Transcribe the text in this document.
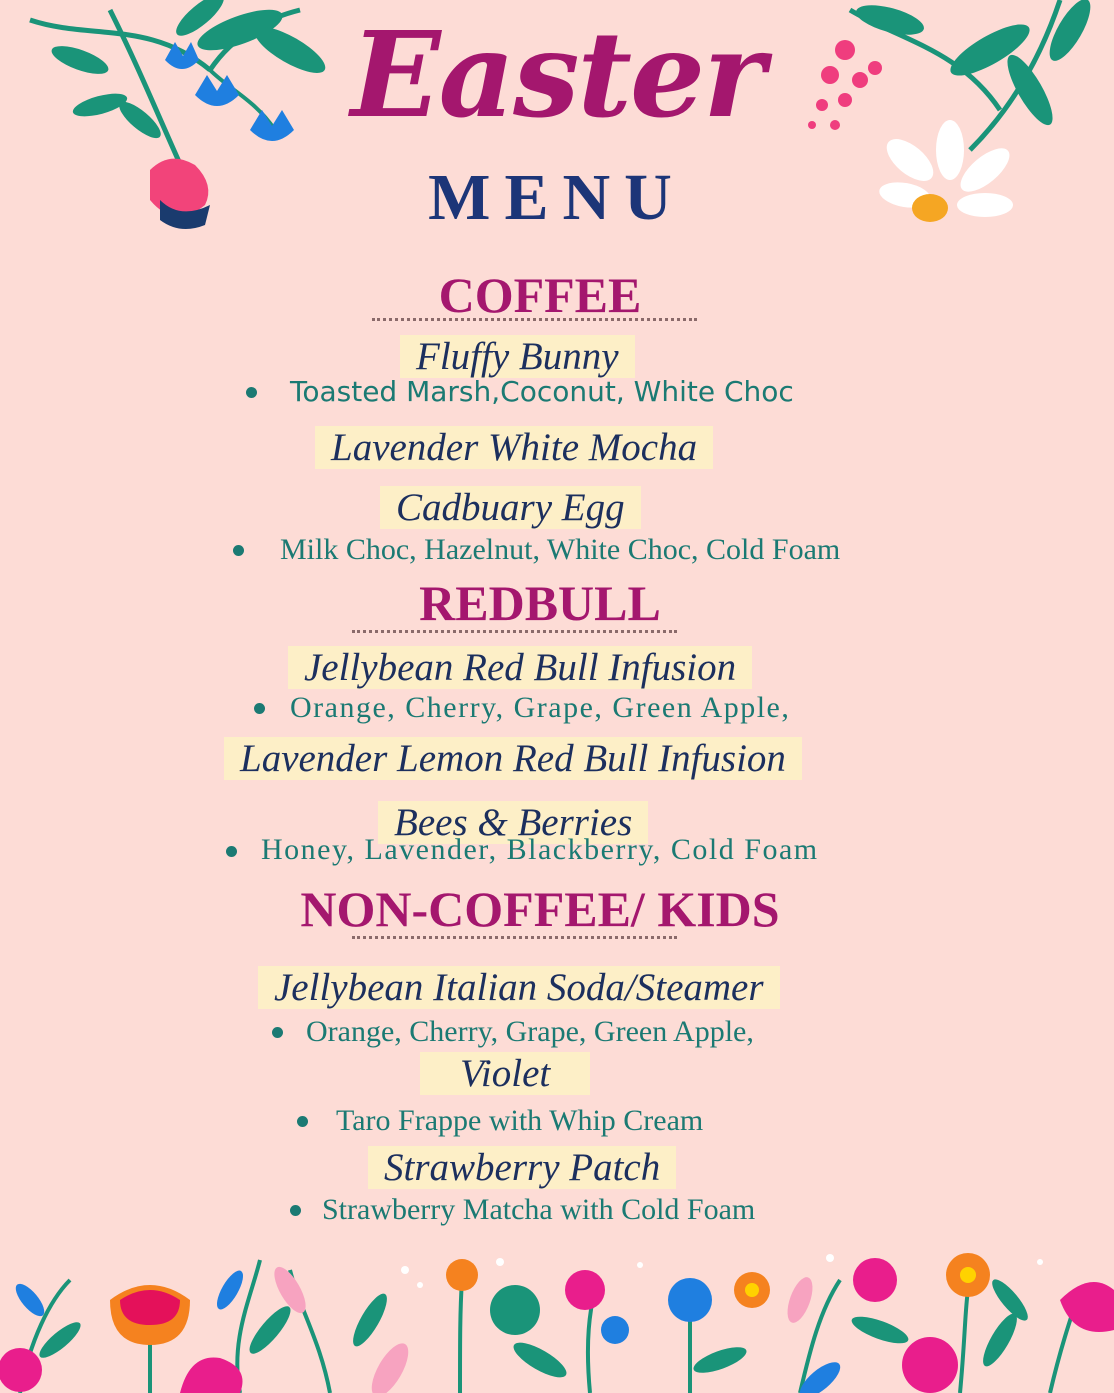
Easter
MENU
COFFEE

Fluffy Bunny

Toasted Marsh,Coconut, White Choc

Lavender White Mocha

Cadbuary Egg

Milk Choc, Hazelnut, White Choc, Cold Foam

REDBULL

Jellybean Red Bull Infusion

Orange, Cherry, Grape, Green Apple,

Lavender Lemon Red Bull Infusion

Bees & Berries

Honey, Lavender, Blackberry, Cold Foam

NON-COFFEE/ KIDS

Jellybean Italian Soda/Steamer

Orange, Cherry, Grape, Green Apple,

Violet

Taro Frappe with Whip Cream

Strawberry Patch

Strawberry Matcha with Cold Foam
